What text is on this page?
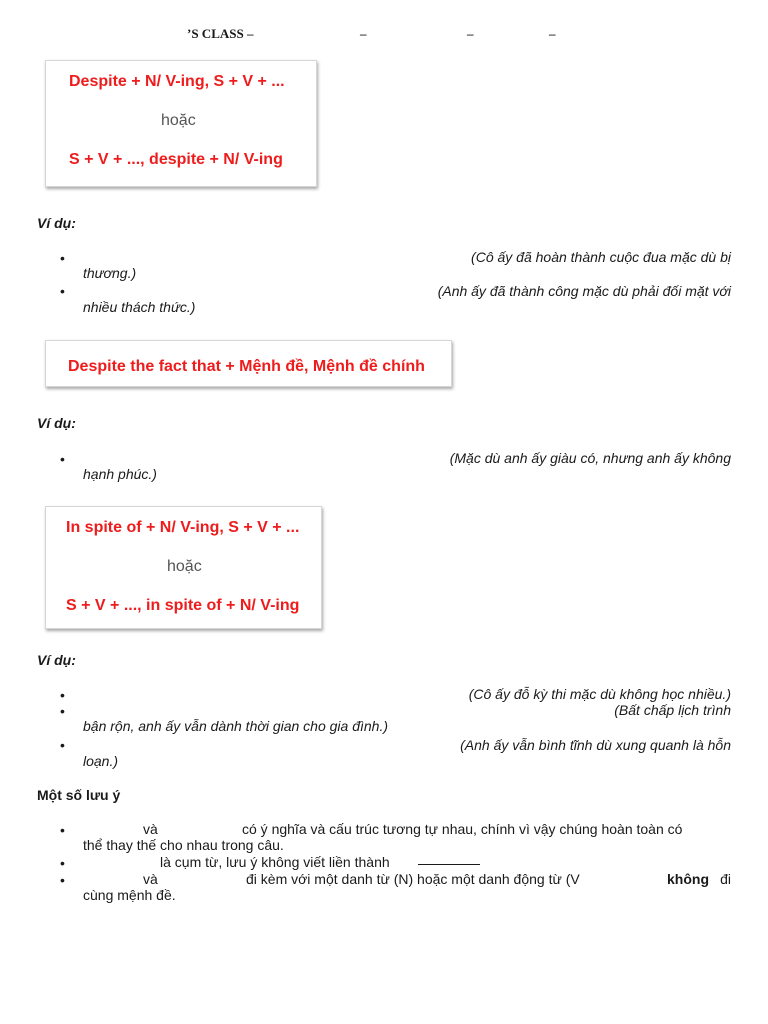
’S CLASS –	–	–	–
Despite + N/ V-ing, S + V + ...
hoặc
S + V + ..., despite + N/ V-ing
Ví dụ:
•	(Cô ấy đã hoàn thành cuộc đua mặc dù bị
thương.)
•	(Anh ấy đã thành công mặc dù phải đối mặt với
nhiều thách thức.)
Despite the fact that + Mệnh đề, Mệnh đề chính
Ví dụ:
•	(Mặc dù anh ấy giàu có, nhưng anh ấy không
hạnh phúc.)
In spite of + N/ V-ing, S + V + ...
hoặc
S + V + ..., in spite of + N/ V-ing
Ví dụ:
•	(Cô ấy đỗ kỳ thi mặc dù không học nhiều.)
•	(Bất chấp lịch trình
bận rộn, anh ấy vẫn dành thời gian cho gia đình.)
•	(Anh ấy vẫn bình tĩnh dù xung quanh là hỗn
loạn.)
Một số lưu ý
•	và	có ý nghĩa và cấu trúc tương tự nhau, chính vì vậy chúng hoàn toàn có
thể thay thế cho nhau trong câu.
•	là cụm từ, lưu ý không viết liền thành
•	và	đi kèm với một danh từ (N) hoặc một danh động từ (V	không đi
cùng mệnh đề.
